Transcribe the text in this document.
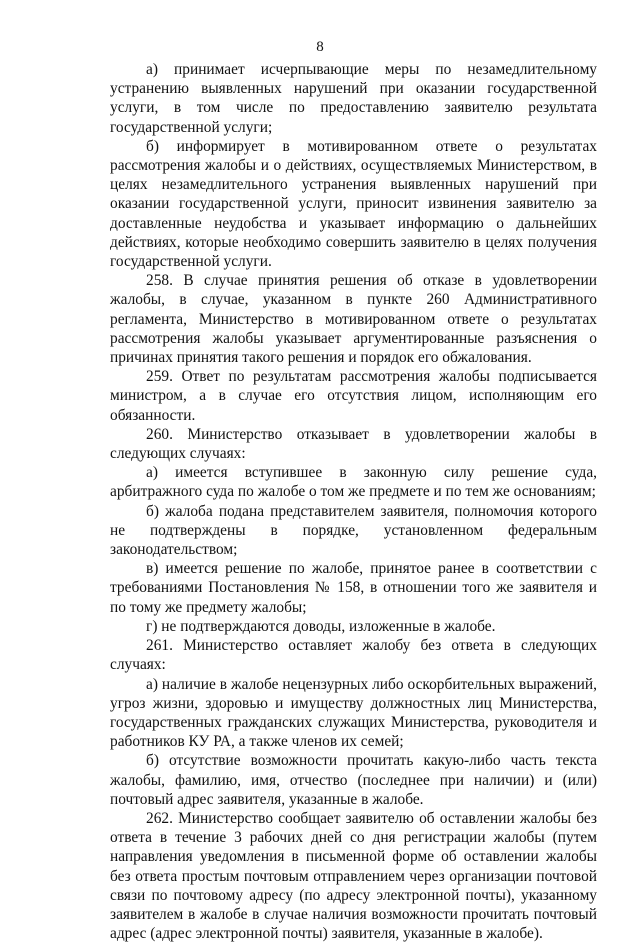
8

а) принимает исчерпывающие меры по незамедлительному устранению выявленных нарушений при оказании государственной услуги, в том числе по предоставлению заявителю результата государственной услуги;

б) информирует в мотивированном ответе о результатах рассмотрения жалобы и о действиях, осуществляемых Министерством, в целях незамедлительного устранения выявленных нарушений при оказании государственной услуги, приносит извинения заявителю за доставленные неудобства и указывает информацию о дальнейших действиях, которые необходимо совершить заявителю в целях получения государственной услуги.

258. В случае принятия решения об отказе в удовлетворении жалобы, в случае, указанном в пункте 260 Административного регламента, Министерство в мотивированном ответе о результатах рассмотрения жалобы указывает аргументированные разъяснения о причинах принятия такого решения и порядок его обжалования.

259. Ответ по результатам рассмотрения жалобы подписывается министром, а в случае его отсутствия лицом, исполняющим его обязанности.

260. Министерство отказывает в удовлетворении жалобы в следующих случаях:

а) имеется вступившее в законную силу решение суда, арбитражного суда по жалобе о том же предмете и по тем же основаниям;

б) жалоба подана представителем заявителя, полномочия которого не подтверждены в порядке, установленном федеральным законодательством;

в) имеется решение по жалобе, принятое ранее в соответствии с требованиями Постановления № 158, в отношении того же заявителя и по тому же предмету жалобы;

г) не подтверждаются доводы, изложенные в жалобе.

261. Министерство оставляет жалобу без ответа в следующих случаях:

а) наличие в жалобе нецензурных либо оскорбительных выражений, угроз жизни, здоровью и имуществу должностных лиц Министерства, государственных гражданских служащих Министерства, руководителя и работников КУ РА, а также членов их семей;

б) отсутствие возможности прочитать какую-либо часть текста жалобы, фамилию, имя, отчество (последнее при наличии) и (или) почтовый адрес заявителя, указанные в жалобе.

262. Министерство сообщает заявителю об оставлении жалобы без ответа в течение 3 рабочих дней со дня регистрации жалобы (путем направления уведомления в письменной форме об оставлении жалобы без ответа простым почтовым отправлением через организации почтовой связи по почтовому адресу (по адресу электронной почты), указанному заявителем в жалобе в случае наличия возможности прочитать почтовый адрес (адрес электронной почты) заявителя, указанные в жалобе).
